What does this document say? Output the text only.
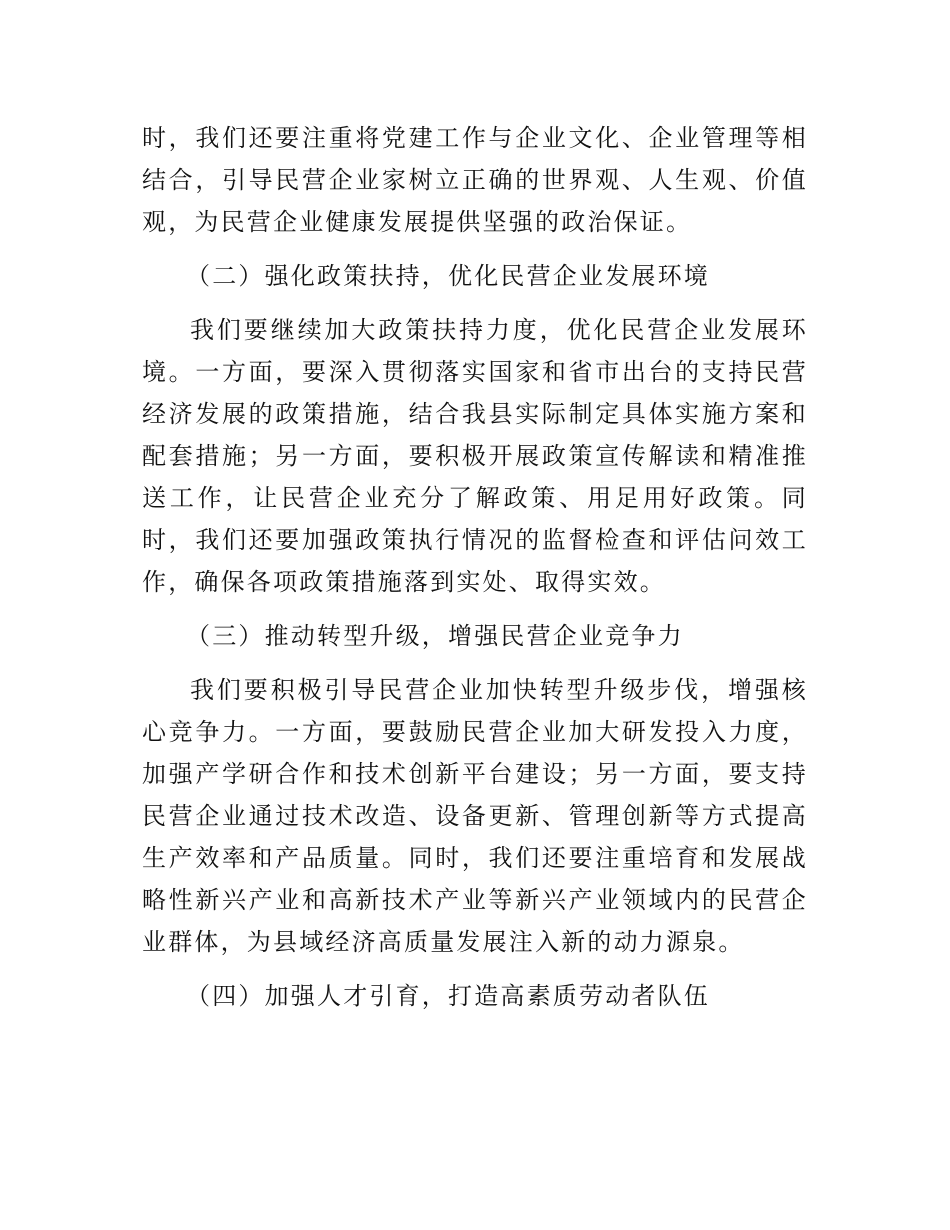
时，我们还要注重将党建工作与企业文化、企业管理等相结合，引导民营企业家树立正确的世界观、人生观、价值观，为民营企业健康发展提供坚强的政治保证。

（二）强化政策扶持，优化民营企业发展环境

我们要继续加大政策扶持力度，优化民营企业发展环境。一方面，要深入贯彻落实国家和省市出台的支持民营经济发展的政策措施，结合我县实际制定具体实施方案和配套措施；另一方面，要积极开展政策宣传解读和精准推送工作，让民营企业充分了解政策、用足用好政策。同时，我们还要加强政策执行情况的监督检查和评估问效工作，确保各项政策措施落到实处、取得实效。

（三）推动转型升级，增强民营企业竞争力

我们要积极引导民营企业加快转型升级步伐，增强核心竞争力。一方面，要鼓励民营企业加大研发投入力度，加强产学研合作和技术创新平台建设；另一方面，要支持民营企业通过技术改造、设备更新、管理创新等方式提高生产效率和产品质量。同时，我们还要注重培育和发展战略性新兴产业和高新技术产业等新兴产业领域内的民营企业群体，为县域经济高质量发展注入新的动力源泉。

（四）加强人才引育，打造高素质劳动者队伍
